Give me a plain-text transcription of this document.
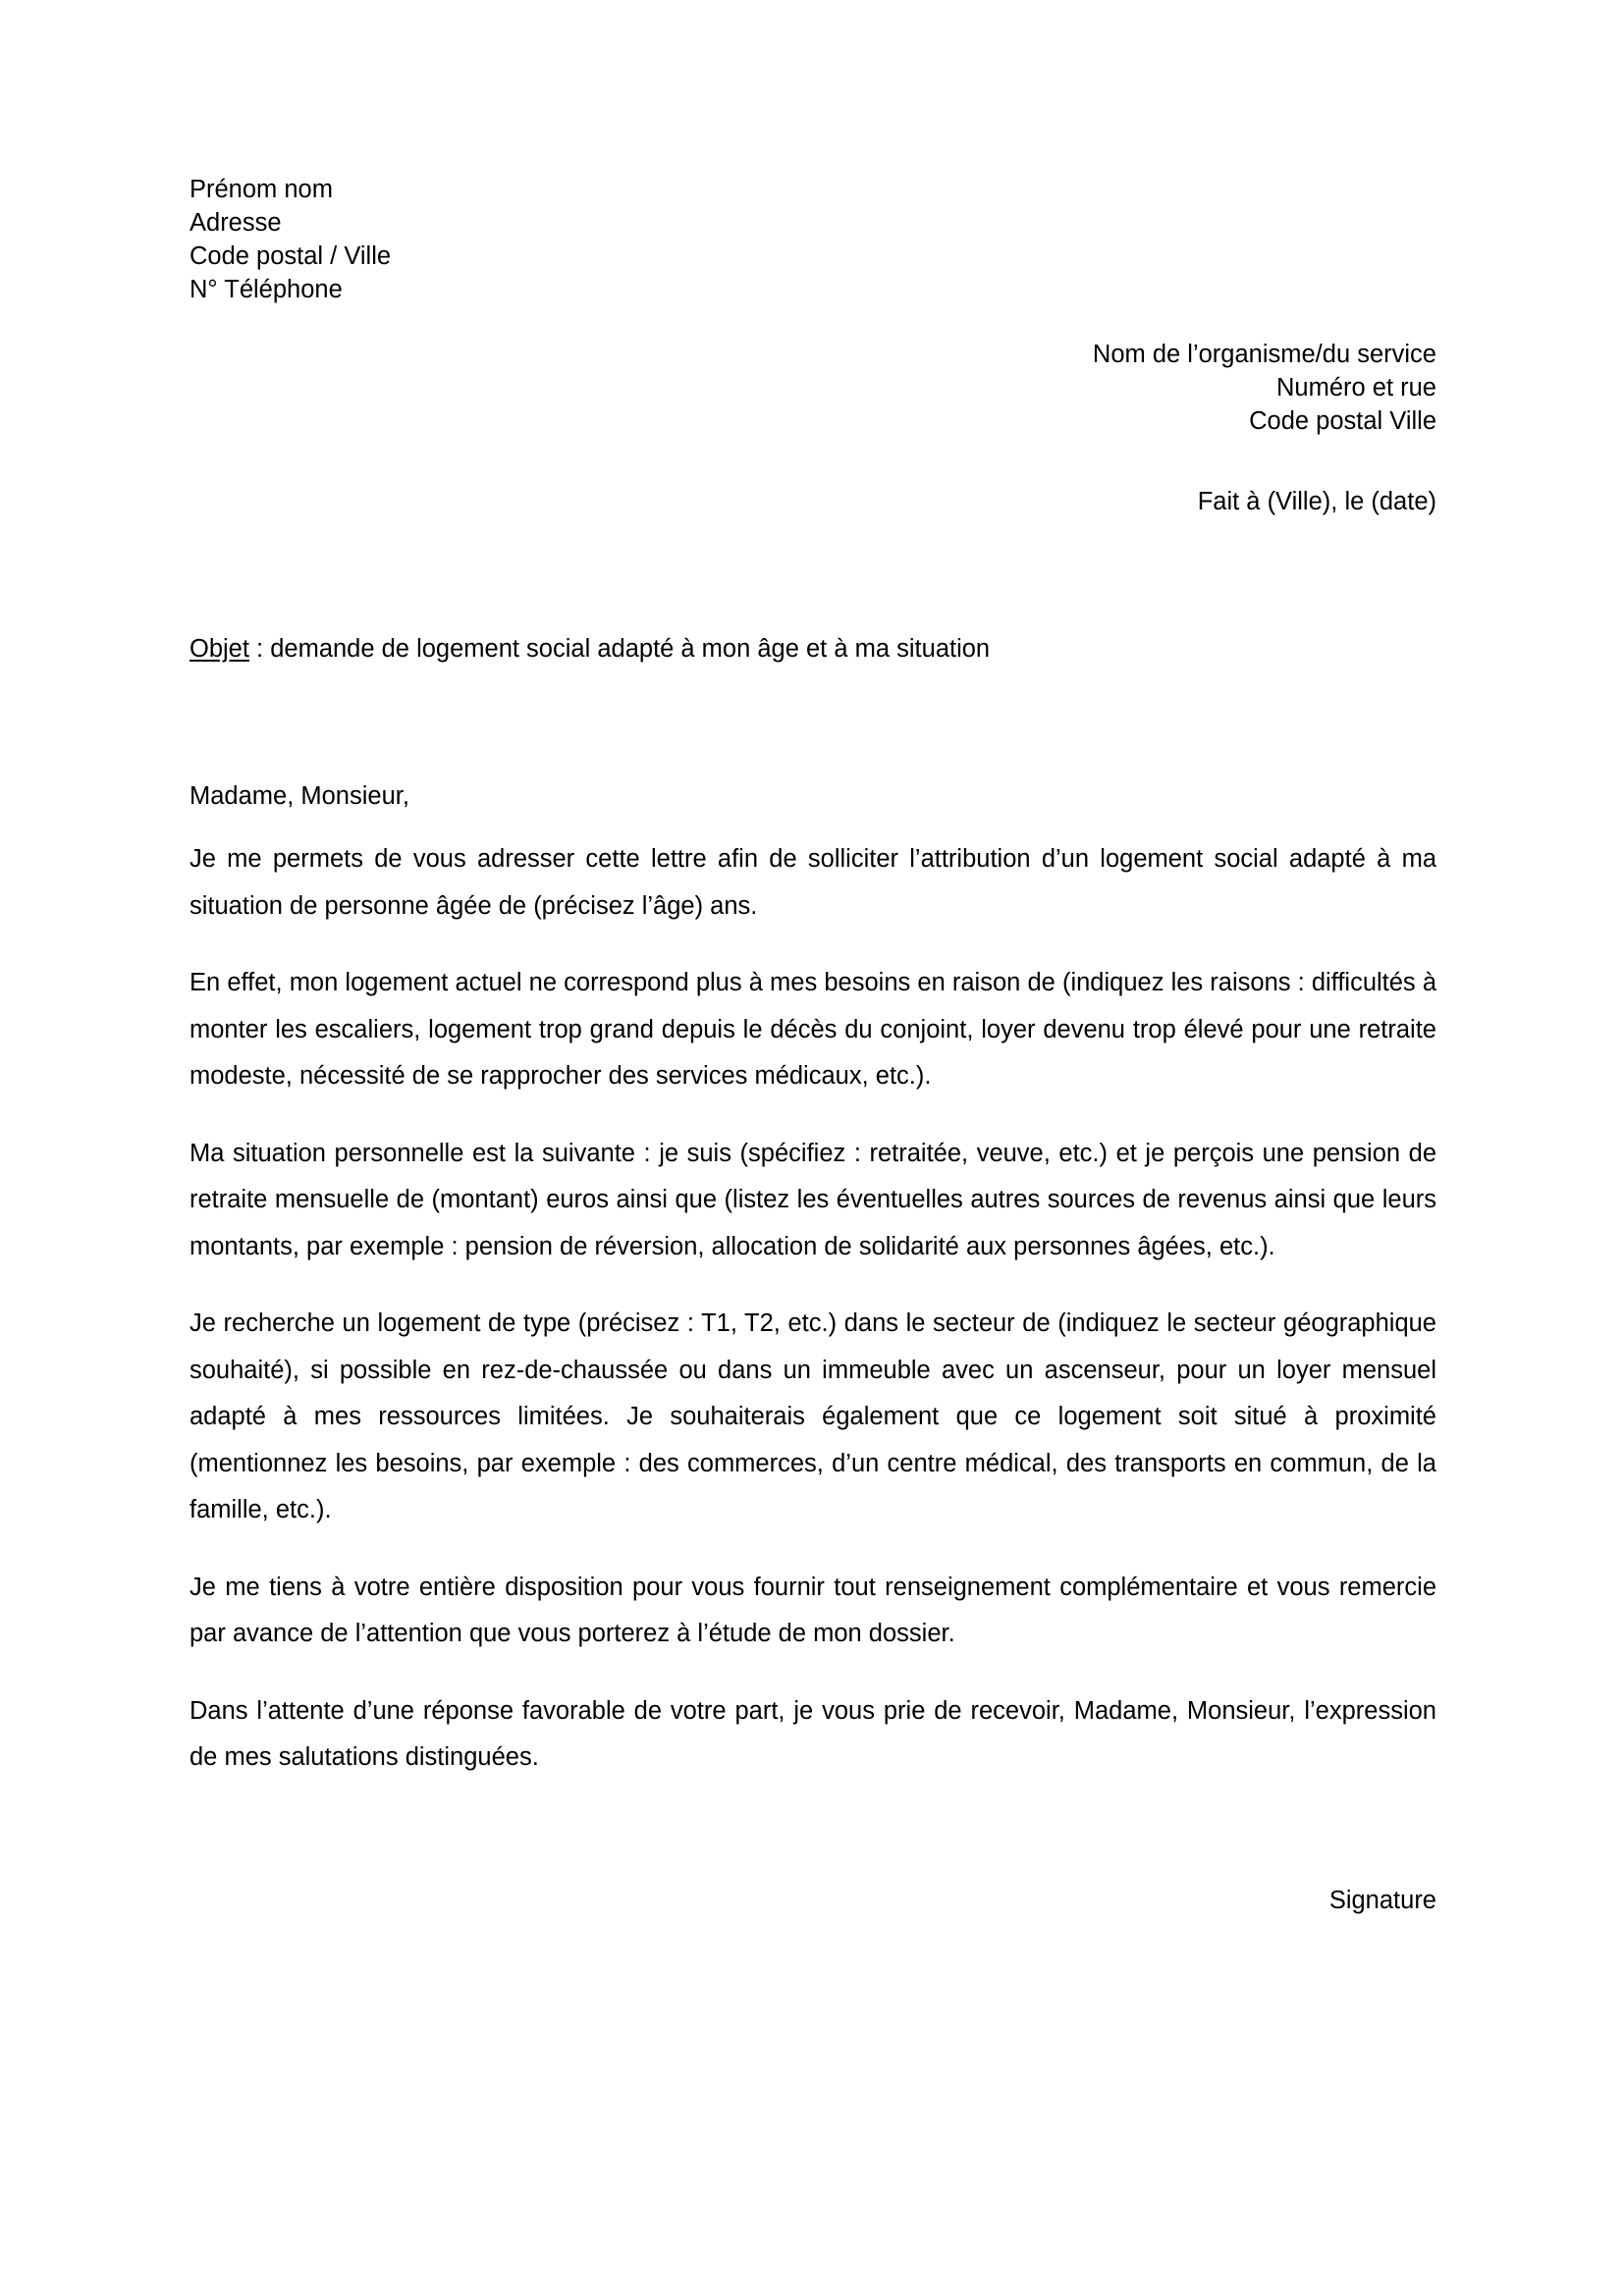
Prénom nom
Adresse
Code postal / Ville
N° Téléphone
Nom de l’organisme/du service
Numéro et rue
Code postal Ville
Fait à (Ville), le (date)
Objet : demande de logement social adapté à mon âge et à ma situation
Madame, Monsieur,

Je me permets de vous adresser cette lettre afin de solliciter l’attribution d’un logement social adapté à ma situation de personne âgée de (précisez l’âge) ans.

En effet, mon logement actuel ne correspond plus à mes besoins en raison de (indiquez les raisons : difficultés à monter les escaliers, logement trop grand depuis le décès du conjoint, loyer devenu trop élevé pour une retraite modeste, nécessité de se rapprocher des services médicaux, etc.).

Ma situation personnelle est la suivante : je suis (spécifiez : retraitée, veuve, etc.) et je perçois une pension de retraite mensuelle de (montant) euros ainsi que (listez les éventuelles autres sources de revenus ainsi que leurs montants, par exemple : pension de réversion, allocation de solidarité aux personnes âgées, etc.).

Je recherche un logement de type (précisez : T1, T2, etc.) dans le secteur de (indiquez le secteur géographique souhaité), si possible en rez-de-chaussée ou dans un immeuble avec un ascenseur, pour un loyer mensuel adapté à mes ressources limitées. Je souhaiterais également que ce logement soit situé à proximité (mentionnez les besoins, par exemple : des commerces, d’un centre médical, des transports en commun, de la famille, etc.).

Je me tiens à votre entière disposition pour vous fournir tout renseignement complémentaire et vous remercie par avance de l’attention que vous porterez à l’étude de mon dossier.

Dans l’attente d’une réponse favorable de votre part, je vous prie de recevoir, Madame, Monsieur, l’expression de mes salutations distinguées.

Signature
